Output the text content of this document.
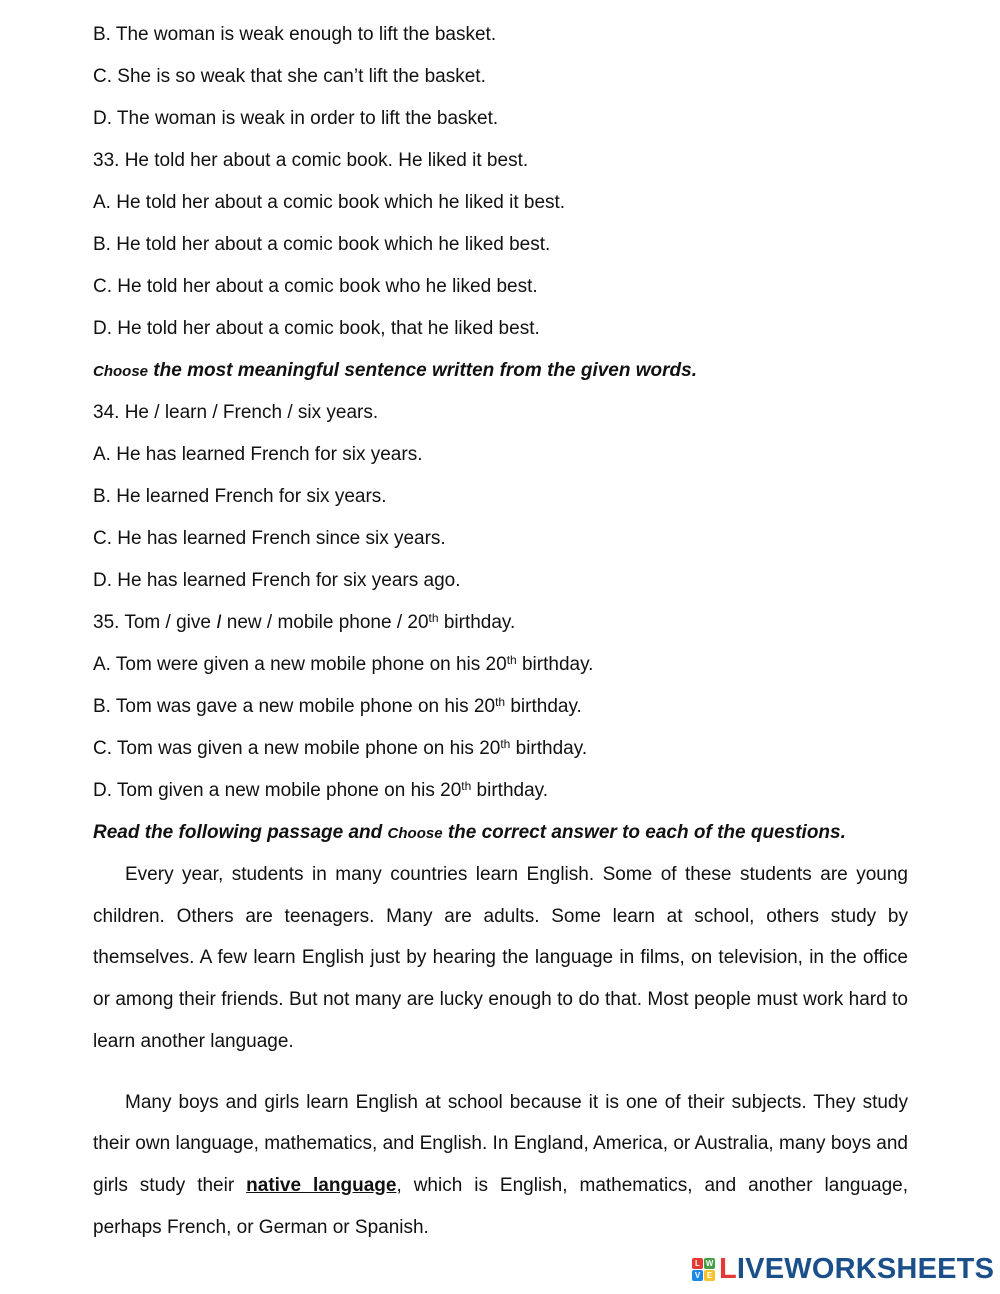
B. The woman is weak enough to lift the basket.
C. She is so weak that she can’t lift the basket.
D. The woman is weak in order to lift the basket.
33. He told her about a comic book. He liked it best.
A. He told her about a comic book which he liked it best.
B. He told her about a comic book which he liked best.
C. He told her about a comic book who he liked best.
D. He told her about a comic book, that he liked best.
Choose the most meaningful sentence written from the given words.
34. He / learn / French / six years.
A. He has learned French for six years.
B. He learned French for six years.
C. He has learned French since six years.
D. He has learned French for six years ago.
35. Tom / give I new / mobile phone / 20th birthday.
A. Tom were given a new mobile phone on his 20th birthday.
B. Tom was gave a new mobile phone on his 20th birthday.
C. Tom was given a new mobile phone on his 20th birthday.
D. Tom given a new mobile phone on his 20th birthday.
Read the following passage and Choose the correct answer to each of the questions.

Every year, students in many countries learn English. Some of these students are young children. Others are teenagers. Many are adults. Some learn at school, others study by themselves. A few learn English just by hearing the language in films, on television, in the office or among their friends. But not many are lucky enough to do that. Most people must work hard to learn another language.

Many boys and girls learn English at school because it is one of their subjects. They study their own language, mathematics, and English. In England, America, or Australia, many boys and girls study their native language, which is English, mathematics, and another language, perhaps French, or German or Spanish.

L W
V E LIVEWORKSHEETS
